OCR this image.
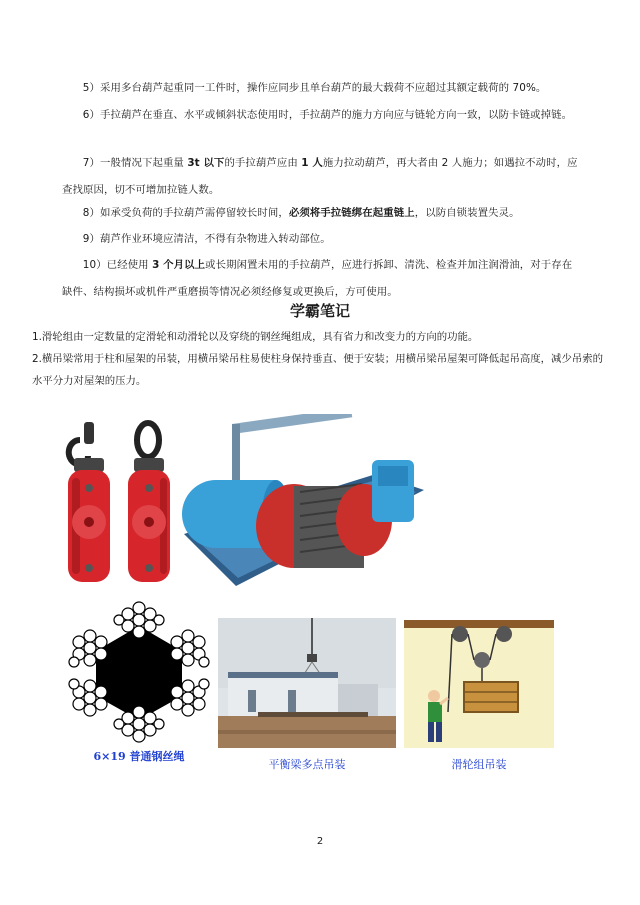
5）采用多台葫芦起重同一工件时，操作应同步且单台葫芦的最大载荷不应超过其额定载荷的 70%。

6）手拉葫芦在垂直、水平或倾斜状态使用时，手拉葫芦的施力方向应与链轮方向一致，以防卡链或掉链。

7）一般情况下起重量 3t 以下的手拉葫芦应由 1 人施力拉动葫芦，再大者由 2 人施力；如遇拉不动时，应查找原因，切不可增加拉链人数。

8）如承受负荷的手拉葫芦需停留较长时间，必须将手拉链绑在起重链上，以防自锁装置失灵。

9）葫芦作业环境应清洁，不得有杂物进入转动部位。

10）已经使用 3 个月以上或长期闲置未用的手拉葫芦，应进行拆卸、清洗、检查并加注润滑油，对于存在缺件、结构损坏或机件严重磨损等情况必须经修复或更换后，方可使用。

学霸笔记

1.滑轮组由一定数量的定滑轮和动滑轮以及穿绕的钢丝绳组成，具有省力和改变力的方向的功能。

2.横吊梁常用于柱和屋架的吊装，用横吊梁吊柱易使柱身保持垂直、便于安装；用横吊梁吊屋架可降低起吊高度，减少吊索的水平分力对屋架的压力。

6×19 普通钢丝绳
平衡梁多点吊装	滑轮组吊装
2
